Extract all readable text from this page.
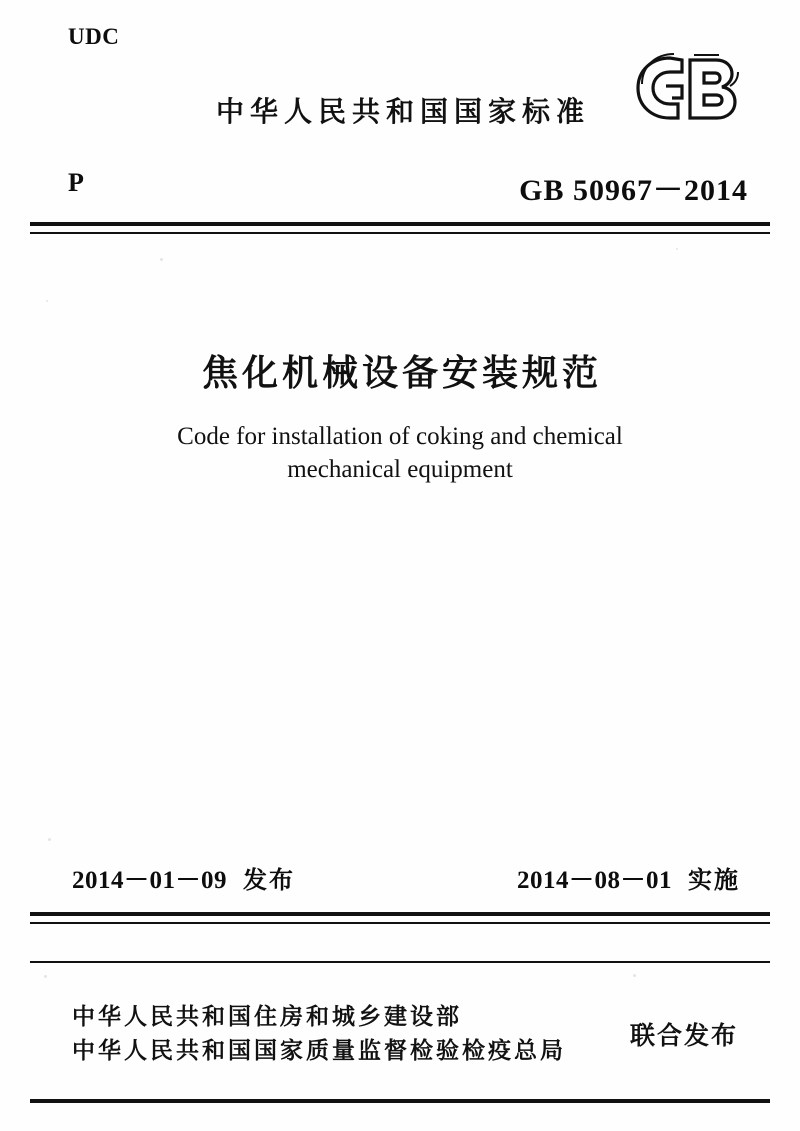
UDC
中华人民共和国国家标准
P	GB 50967－2014
焦化机械设备安装规范
Code for installation of coking and chemical
mechanical equipment
2014－01－09 发布	2014－08－01 实施
中华人民共和国住房和城乡建设部
中华人民共和国国家质量监督检验检疫总局
联合发布
